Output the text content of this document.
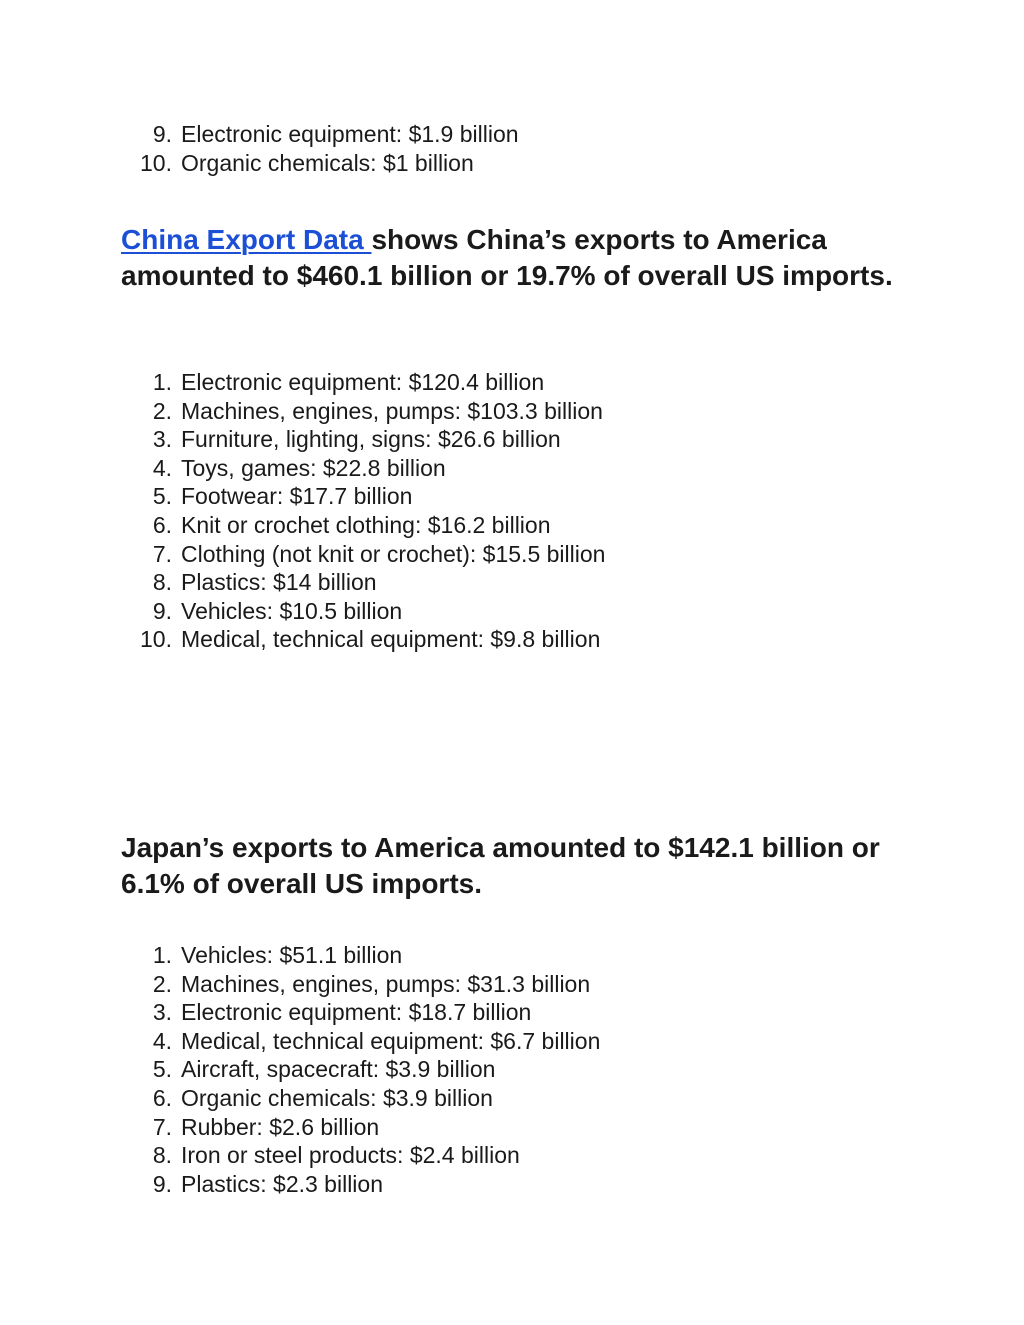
9. Electronic equipment: $1.9 billion
10. Organic chemicals: $1 billion

China Export Data shows China’s exports to America amounted to $460.1 billion or 19.7% of overall US imports.

1. Electronic equipment: $120.4 billion
2. Machines, engines, pumps: $103.3 billion
3. Furniture, lighting, signs: $26.6 billion
4. Toys, games: $22.8 billion
5. Footwear: $17.7 billion
6. Knit or crochet clothing: $16.2 billion
7. Clothing (not knit or crochet): $15.5 billion
8. Plastics: $14 billion
9. Vehicles: $10.5 billion
10. Medical, technical equipment: $9.8 billion

Japan’s exports to America amounted to $142.1 billion or 6.1% of overall US imports.

1. Vehicles: $51.1 billion
2. Machines, engines, pumps: $31.3 billion
3. Electronic equipment: $18.7 billion
4. Medical, technical equipment: $6.7 billion
5. Aircraft, spacecraft: $3.9 billion
6. Organic chemicals: $3.9 billion
7. Rubber: $2.6 billion
8. Iron or steel products: $2.4 billion
9. Plastics: $2.3 billion
